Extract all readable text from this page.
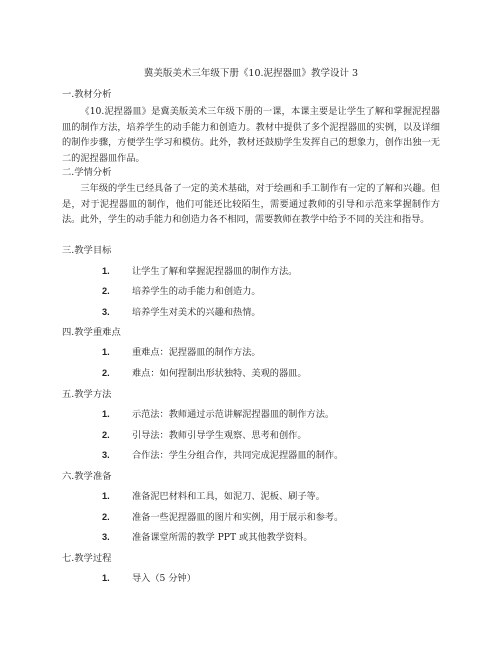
冀美版美术三年级下册《10.泥捏器皿》教学设计 3
一.教材分析

《10.泥捏器皿》是冀美版美术三年级下册的一课，本课主要是让学生了解和掌握泥捏器皿的制作方法，培养学生的动手能力和创造力。教材中提供了多个泥捏器皿的实例，以及详细的制作步骤，方便学生学习和模仿。此外，教材还鼓励学生发挥自己的想象力，创作出独一无二的泥捏器皿作品。

二.学情分析

三年级的学生已经具备了一定的美术基础，对于绘画和手工制作有一定的了解和兴趣。但是，对于泥捏器皿的制作，他们可能还比较陌生，需要通过教师的引导和示范来掌握制作方法。此外，学生的动手能力和创造力各不相同，需要教师在教学中给予不同的关注和指导。

三.教学目标
1. 让学生了解和掌握泥捏器皿的制作方法。
2. 培养学生的动手能力和创造力。
3. 培养学生对美术的兴趣和热情。
四.教学重难点
1. 重难点：泥捏器皿的制作方法。
2. 难点：如何捏制出形状独特、美观的器皿。
五.教学方法
1. 示范法：教师通过示范讲解泥捏器皿的制作方法。
2. 引导法：教师引导学生观察、思考和创作。
3. 合作法：学生分组合作，共同完成泥捏器皿的制作。
六.教学准备
1. 准备泥巴材料和工具，如泥刀、泥板、刷子等。
2. 准备一些泥捏器皿的图片和实例，用于展示和参考。
3. 准备课堂所需的教学 PPT 或其他教学资料。
七.教学过程
1. 导入（5 分钟）
